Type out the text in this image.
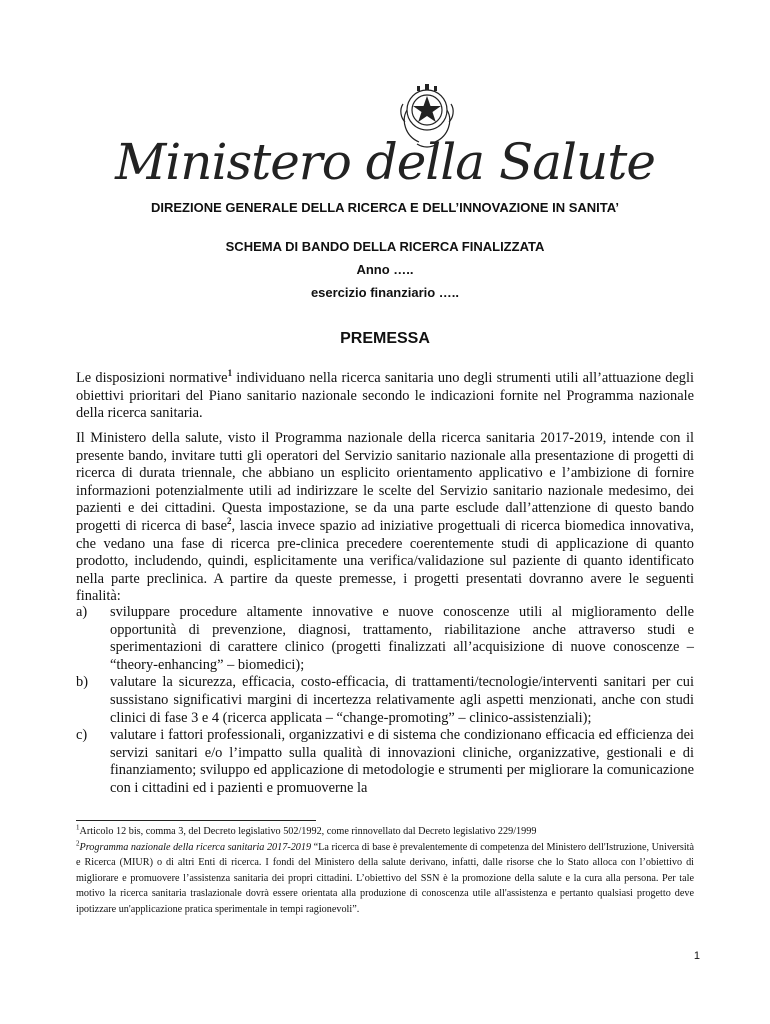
Ministero della Salute
DIREZIONE GENERALE DELLA RICERCA E DELL’INNOVAZIONE IN SANITA’
SCHEMA DI BANDO DELLA RICERCA FINALIZZATA
Anno …..
esercizio finanziario …..
PREMESSA
Le disposizioni normative$^1$ individuano nella ricerca sanitaria uno degli strumenti utili all’attuazione degli obiettivi prioritari del Piano sanitario nazionale secondo le indicazioni fornite nel Programma nazionale della ricerca sanitaria.
Il Ministero della salute, visto il Programma nazionale della ricerca sanitaria 2017-2019, intende con il presente bando, invitare tutti gli operatori del Servizio sanitario nazionale alla presentazione di progetti di ricerca di durata triennale, che abbiano un esplicito orientamento applicativo e l’ambizione di fornire informazioni potenzialmente utili ad indirizzare le scelte del Servizio sanitario nazionale medesimo, dei pazienti e dei cittadini. Questa impostazione, se da una parte esclude dall’attenzione di questo bando progetti di ricerca di base$^2$, lascia invece spazio ad iniziative progettuali di ricerca biomedica innovativa, che vedano una fase di ricerca pre-clinica precedere coerentemente studi di applicazione di quanto prodotto, includendo, quindi, esplicitamente una verifica/validazione sul paziente di quanto identificato nella parte preclinica. A partire da queste premesse, i progetti presentati dovranno avere le seguenti finalità:
a)	sviluppare procedure altamente innovative e nuove conoscenze utili al miglioramento delle opportunità di prevenzione, diagnosi, trattamento, riabilitazione anche attraverso studi e sperimentazioni di carattere clinico (progetti finalizzati all’acquisizione di nuove conoscenze – “theory-enhancing” – biomedici);
b)	valutare la sicurezza, efficacia, costo-efficacia, di trattamenti/tecnologie/interventi sanitari per cui sussistano significativi margini di incertezza relativamente agli aspetti menzionati, anche con studi clinici di fase 3 e 4 (ricerca applicata – “change-promoting” – clinico-assistenziali);
c)	valutare i fattori professionali, organizzativi e di sistema che condizionano efficacia ed efficienza dei servizi sanitari e/o l’impatto sulla qualità di innovazioni cliniche, organizzative, gestionali e di finanziamento; sviluppo ed applicazione di metodologie e strumenti per migliorare la comunicazione con i cittadini ed i pazienti e promuoverne la
$^1$Articolo 12 bis, comma 3, del Decreto legislativo 502/1992, come rinnovellato dal Decreto legislativo 229/1999
$^2$Programma nazionale della ricerca sanitaria 2017-2019 “La ricerca di base è prevalentemente di competenza del Ministero dell'Istruzione, Università e Ricerca (MIUR) o di altri Enti di ricerca. I fondi del Ministero della salute derivano, infatti, dalle risorse che lo Stato alloca con l’obiettivo di migliorare e promuovere l’assistenza sanitaria dei propri cittadini. L’obiettivo del SSN è la promozione della salute e la cura alla persona. Per tale motivo la ricerca sanitaria traslazionale dovrà essere orientata alla produzione di conoscenza utile all'assistenza e pertanto qualsiasi progetto deve ipotizzare un'applicazione pratica sperimentale in tempi ragionevoli”.
1
